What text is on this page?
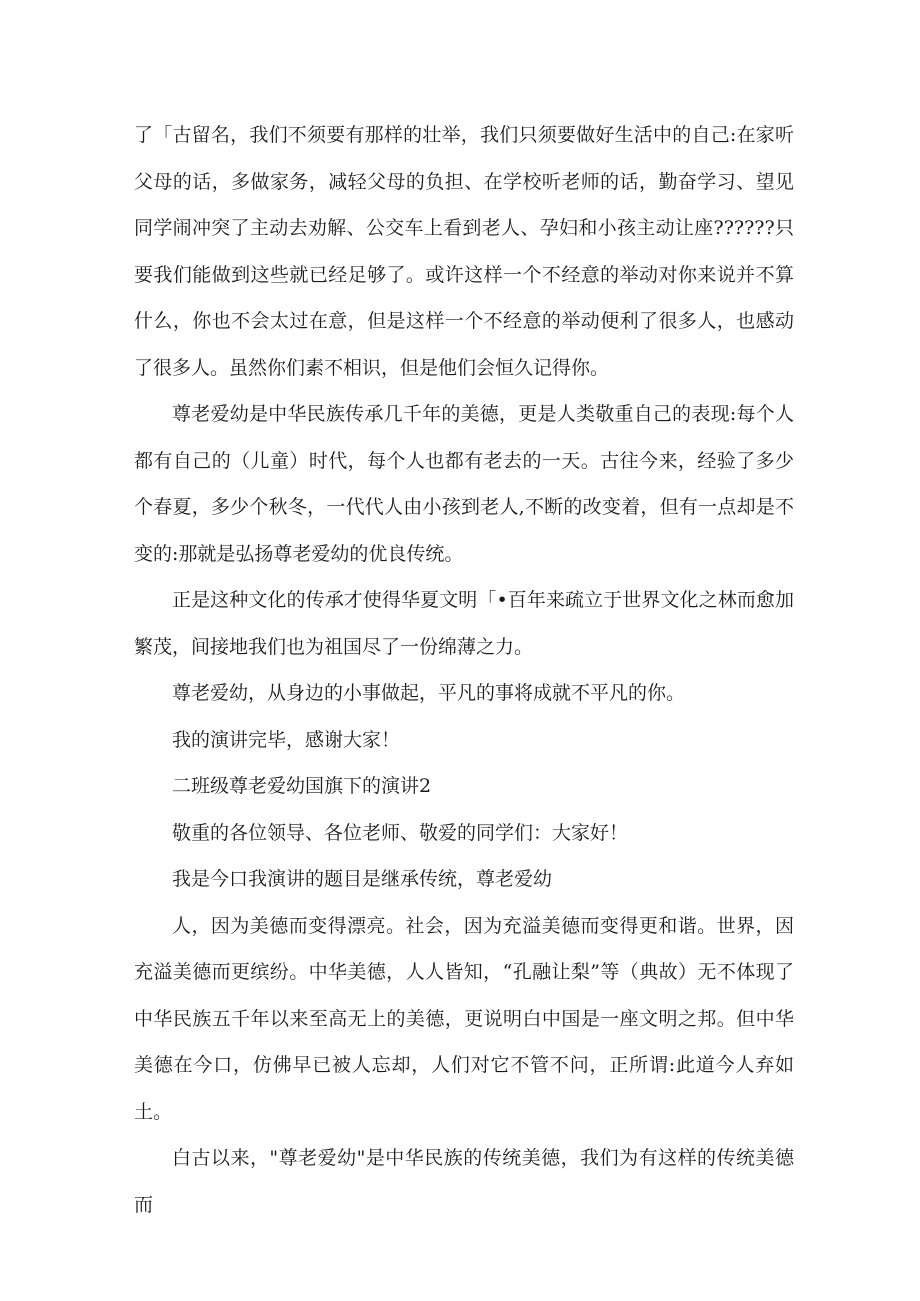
了「古留名，我们不须要有那样的壮举，我们只须要做好生活中的自己:在家听父母的话，多做家务，减轻父母的负担、在学校听老师的话，勤奋学习、望见同学闹冲突了主动去劝解、公交车上看到老人、孕妇和小孩主动让座??????只要我们能做到这些就已经足够了。或许这样一个不经意的举动对你来说并不算什么，你也不会太过在意，但是这样一个不经意的举动便利了很多人，也感动了很多人。虽然你们素不相识，但是他们会恒久记得你。

尊老爱幼是中华民族传承几千年的美德，更是人类敬重自己的表现:每个人都有自己的（儿童）时代，每个人也都有老去的一天。古往今来，经验了多少个春夏，多少个秋冬，一代代人由小孩到老人,不断的改变着，但有一点却是不变的:那就是弘扬尊老爱幼的优良传统。

正是这种文化的传承才使得华夏文明「•百年来疏立于世界文化之林而愈加繁茂，间接地我们也为祖国尽了一份绵薄之力。

尊老爱幼，从身边的小事做起，平凡的事将成就不平凡的你。

我的演讲完毕，感谢大家！

二班级尊老爱幼国旗下的演讲2

敬重的各位领导、各位老师、敬爱的同学们：大家好！

我是今口我演讲的题目是继承传统，尊老爱幼

人，因为美德而变得漂亮。社会，因为充溢美德而变得更和谐。世界，因充溢美德而更缤纷。中华美德，人人皆知，“孔融让梨”等（典故）无不体现了中华民族五千年以来至高无上的美德，更说明白中国是一座文明之邦。但中华美德在今口，仿佛早已被人忘却，人们对它不管不问，正所谓:此道今人弃如土。

白古以来，"尊老爱幼"是中华民族的传统美德，我们为有这样的传统美德而
